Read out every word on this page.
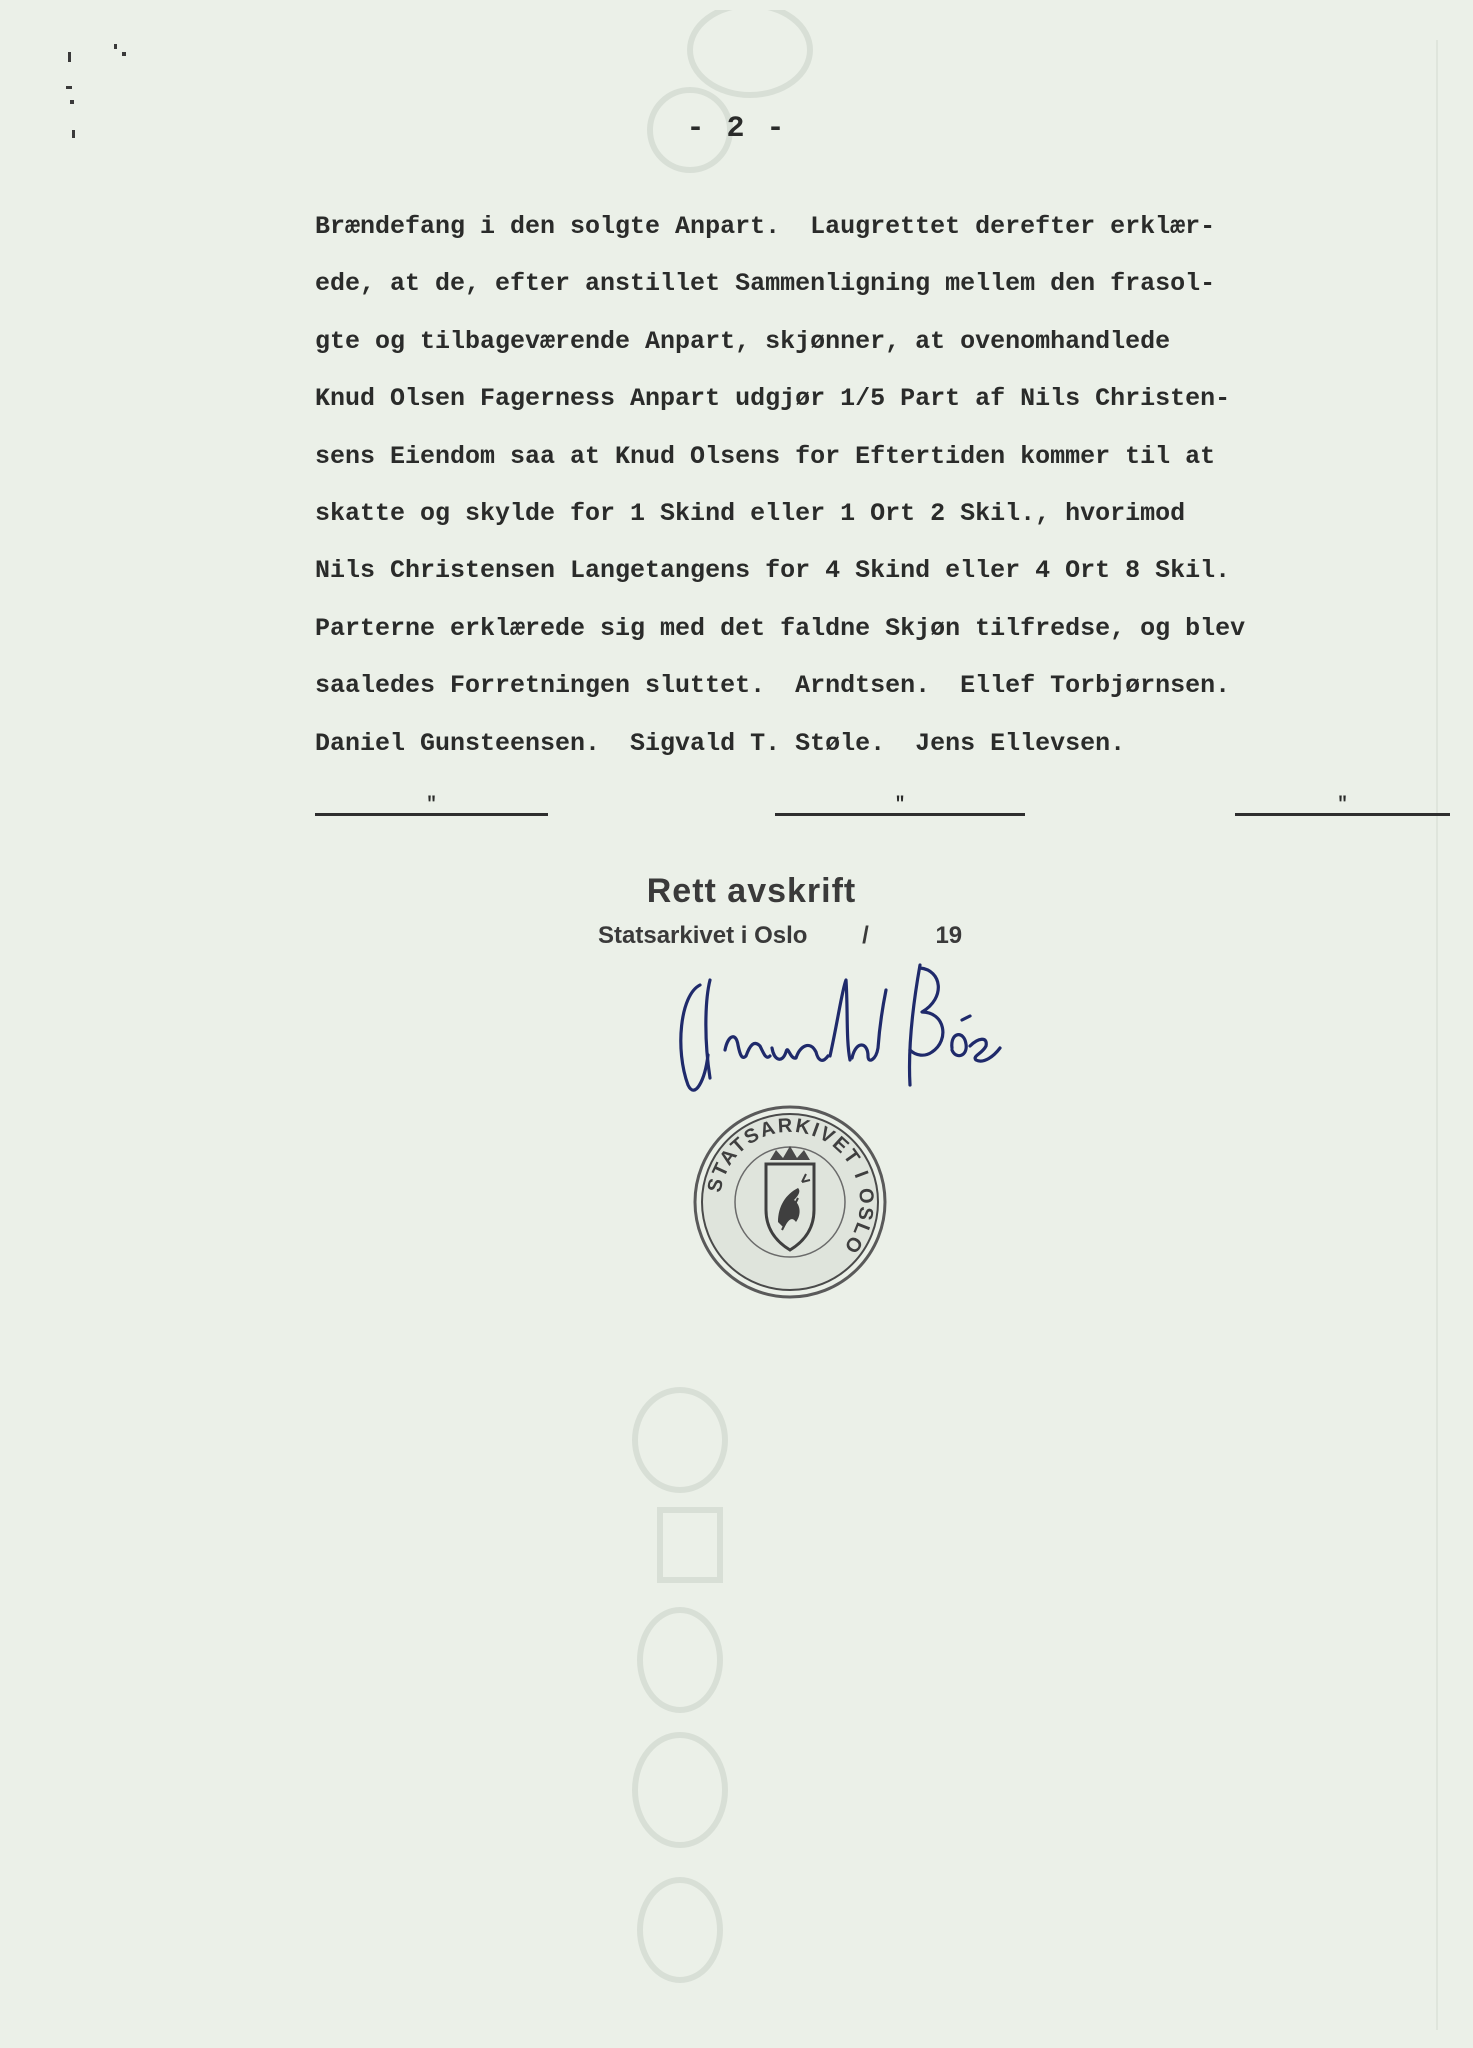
- 2 -
Brændefang i den solgte Anpart.  Laugrettet derefter erklær-
ede, at de, efter anstillet Sammenligning mellem den frasol-
gte og tilbageværende Anpart, skjønner, at ovenomhandlede
Knud Olsen Fagerness Anpart udgjør 1/5 Part af Nils Christen-
sens Eiendom saa at Knud Olsens for Eftertiden kommer til at
skatte og skylde for 1 Skind eller 1 Ort 2 Skil., hvorimod
Nils Christensen Langetangens for 4 Skind eller 4 Ort 8 Skil.
Parterne erklærede sig med det faldne Skjøn tilfredse, og blev
saaledes Forretningen sluttet.  Arndtsen.  Ellef Torbjørnsen.
Daniel Gunsteensen.  Sigvald T. Støle.  Jens Ellevsen.
"	"	"
Rett avskrift
Statsarkivet i Oslo /	19
STATSARKIVET I OSLO
